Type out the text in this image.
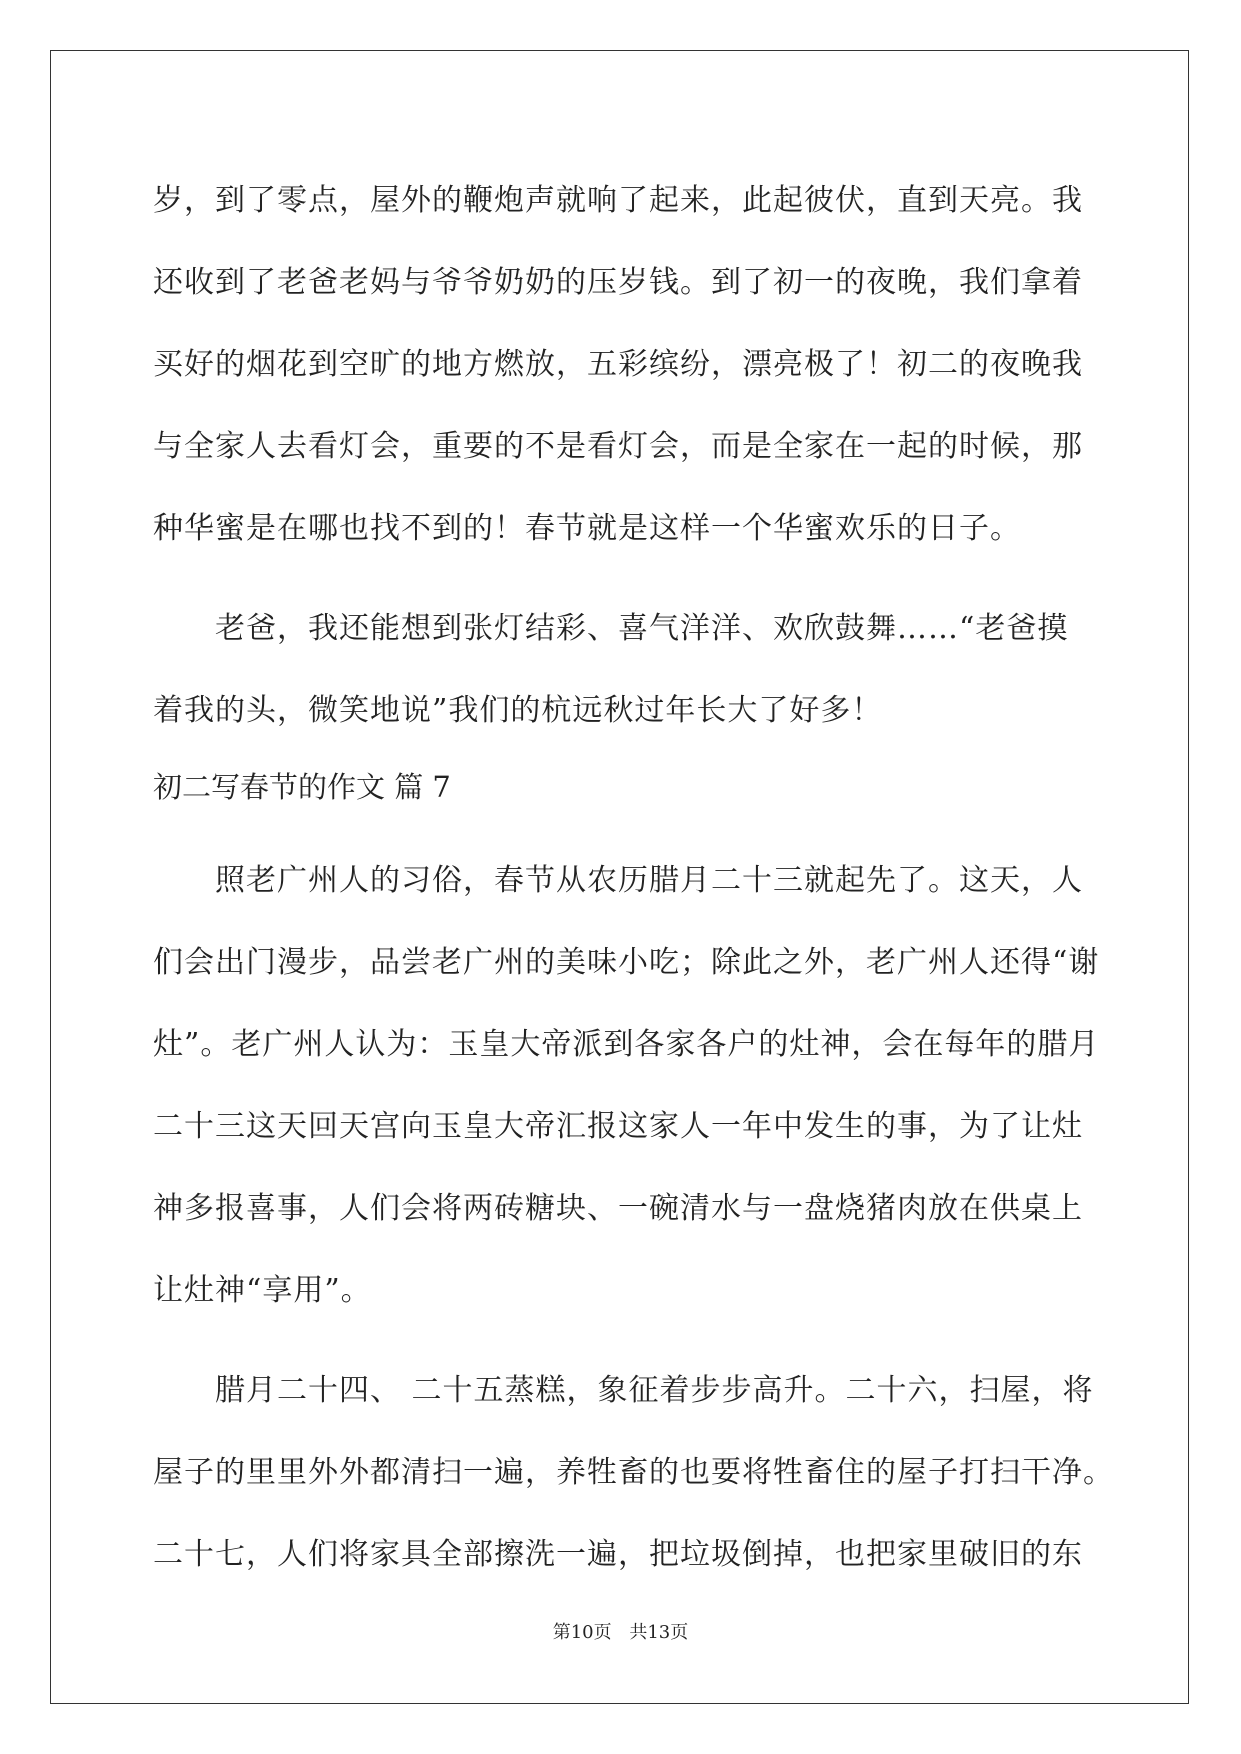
岁，到了零点，屋外的鞭炮声就响了起来，此起彼伏，直到天亮。我
还收到了老爸老妈与爷爷奶奶的压岁钱。到了初一的夜晚，我们拿着
买好的烟花到空旷的地方燃放，五彩缤纷，漂亮极了！初二的夜晚我
与全家人去看灯会，重要的不是看灯会，而是全家在一起的时候，那
种华蜜是在哪也找不到的！春节就是这样一个华蜜欢乐的日子。
　　老爸，我还能想到张灯结彩、喜气洋洋、欢欣鼓舞……“老爸摸
着我的头，微笑地说”我们的杭远秋过年长大了好多！
初二写春节的作文 篇 7
　　照老广州人的习俗，春节从农历腊月二十三就起先了。这天，人
们会出门漫步，品尝老广州的美味小吃；除此之外，老广州人还得“谢
灶”。老广州人认为：玉皇大帝派到各家各户的灶神，会在每年的腊月
二十三这天回天宫向玉皇大帝汇报这家人一年中发生的事，为了让灶
神多报喜事，人们会将两砖糖块、一碗清水与一盘烧猪肉放在供桌上
让灶神“享用”。
　　腊月二十四、 二十五蒸糕，象征着步步高升。二十六，扫屋，将
屋子的里里外外都清扫一遍，养牲畜的也要将牲畜住的屋子打扫干净。
二十七，人们将家具全部擦洗一遍，把垃圾倒掉，也把家里破旧的东
第10页 共13页
